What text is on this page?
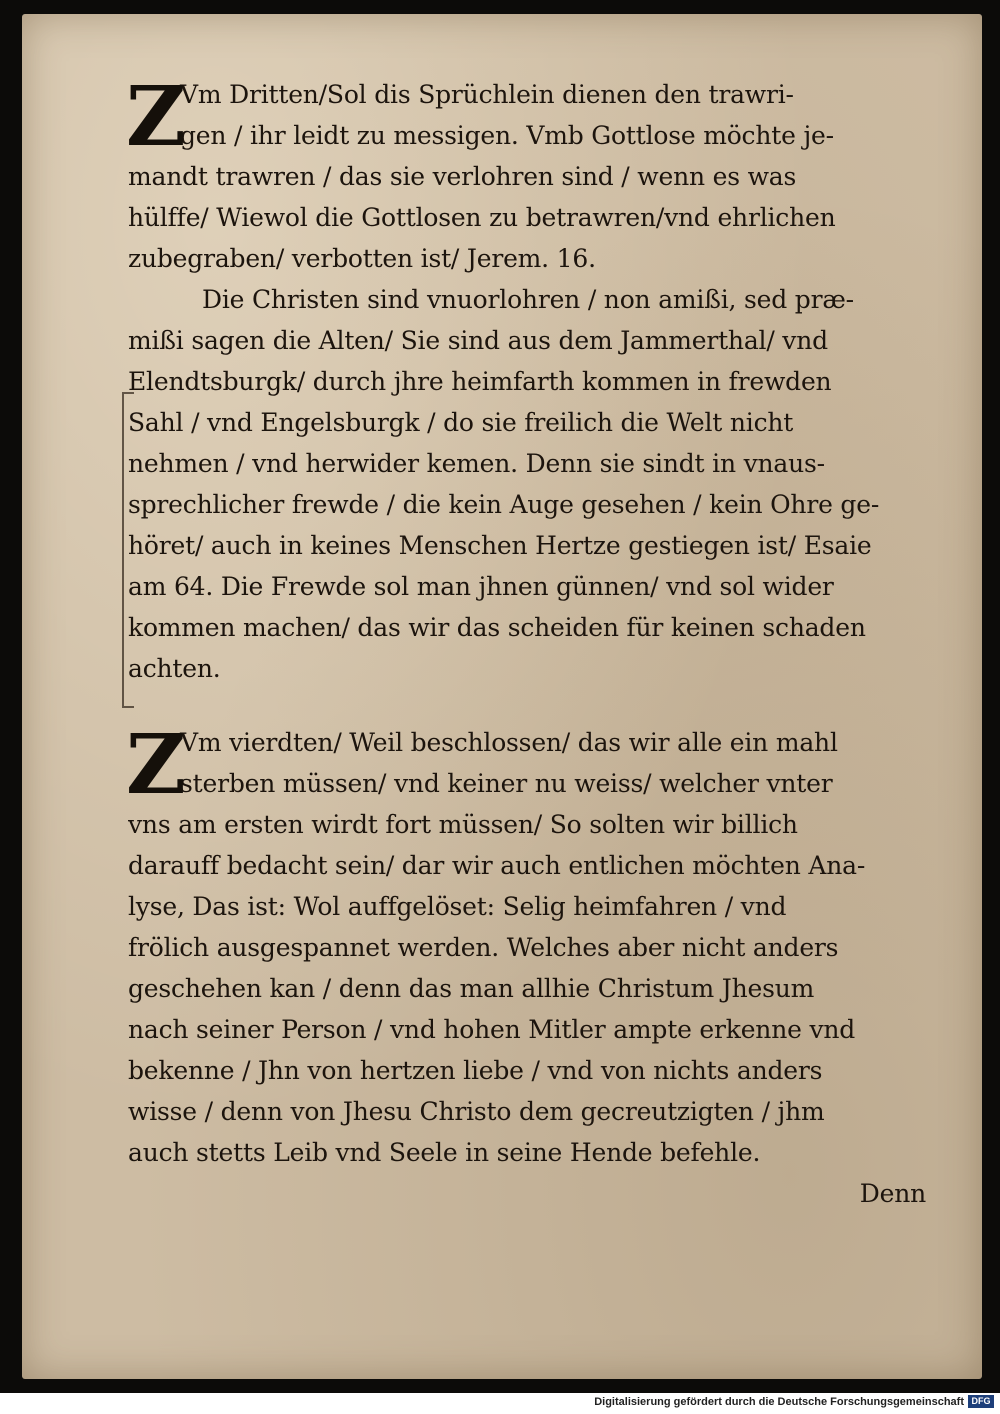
Z
Vm Dritten/Sol dis Sprüchlein dienen den trawri-
gen / ihr leidt zu messigen. Vmb Gottlose möchte je-
mandt trawren / das sie verlohren sind / wenn es was
hülffe/ Wiewol die Gottlosen zu betrawren/vnd ehrlichen
zubegraben/ verbotten ist/ Jerem. 16.
Die Christen sind vnuorlohren / non amißi, sed præ-
mißi sagen die Alten/ Sie sind aus dem Jammerthal/ vnd
Elendtsburgk/ durch jhre heimfarth kommen in frewden
Sahl / vnd Engelsburgk / do sie freilich die Welt nicht
nehmen / vnd herwider kemen. Denn sie sindt in vnaus-
sprechlicher frewde / die kein Auge gesehen / kein Ohre ge-
höret/ auch in keines Menschen Hertze gestiegen ist/ Esaie
am 64. Die Frewde sol man jhnen günnen/ vnd sol wider
kommen machen/ das wir das scheiden für keinen schaden
achten.
Z
Vm vierdten/ Weil beschlossen/ das wir alle ein mahl
sterben müssen/ vnd keiner nu weiss/ welcher vnter
vns am ersten wirdt fort müssen/ So solten wir billich
darauff bedacht sein/ dar wir auch entlichen möchten Ana-
lyse, Das ist: Wol auffgelöset: Selig heimfahren / vnd
frölich ausgespannet werden. Welches aber nicht anders
geschehen kan / denn das man allhie Christum Jhesum
nach seiner Person / vnd hohen Mitler ampte erkenne vnd
bekenne / Jhn von hertzen liebe / vnd von nichts anders
wisse / denn von Jhesu Christo dem gecreutzigten / jhm
auch stetts Leib vnd Seele in seine Hende befehle.
Denn
Digitalisierung gefördert durch die Deutsche Forschungsgemeinschaft DFG
